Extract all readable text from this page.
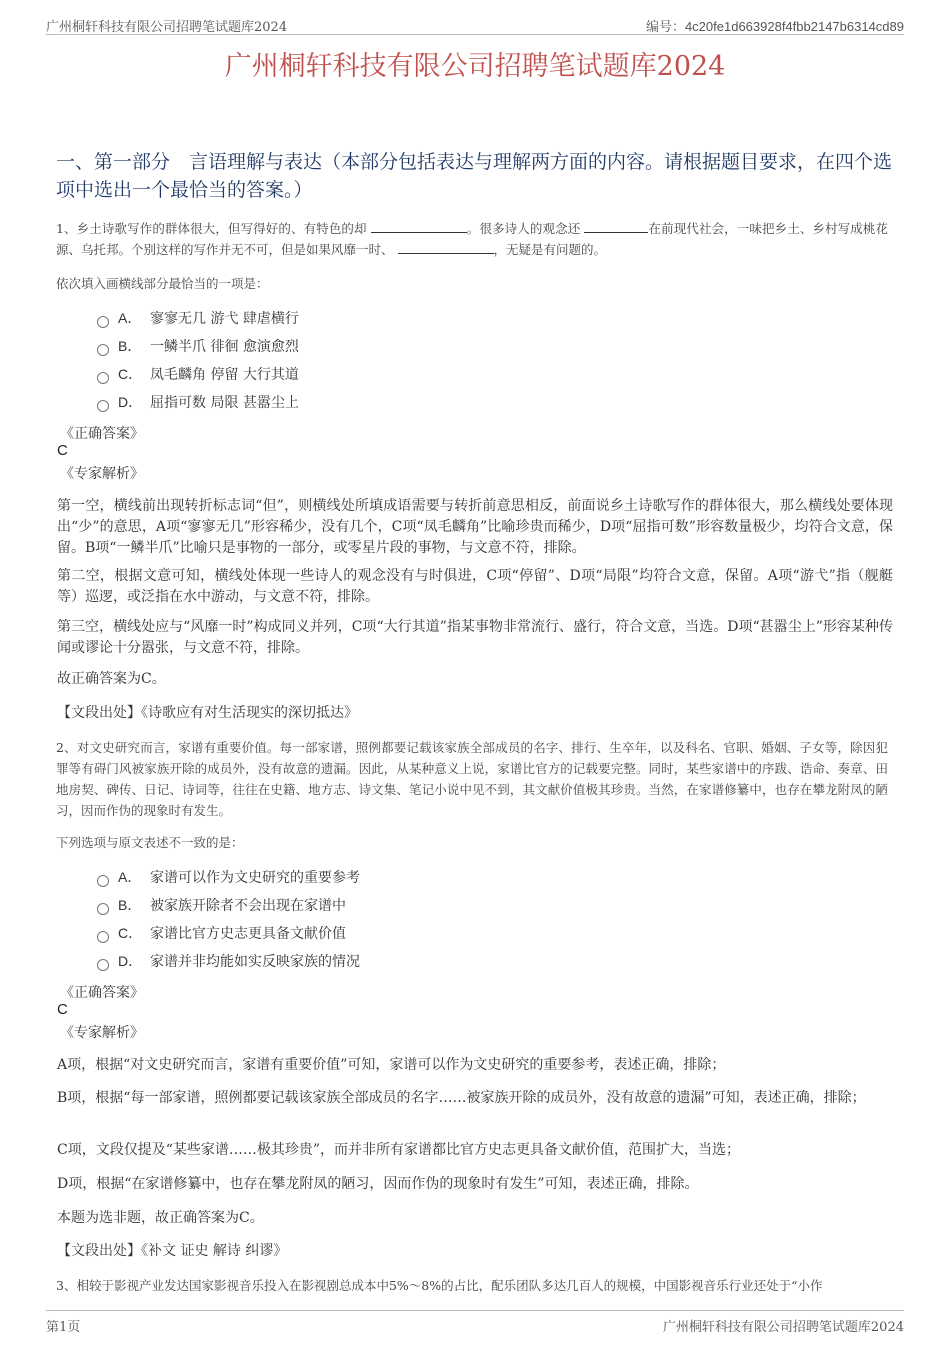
广州桐轩科技有限公司招聘笔试题库2024	编号：4c20fe1d663928f4fbb2147b6314cd89
广州桐轩科技有限公司招聘笔试题库2024
一、第一部分　言语理解与表达（本部分包括表达与理解两方面的内容。请根据题目要求，在四个选项中选出一个最恰当的答案。）
1、乡土诗歌写作的群体很大，但写得好的、有特色的却	。很多诗人的观念还	在前现代社会，一味把乡土、乡村写成桃花源、乌托邦。个别这样的写作并无不可，但是如果风靡一时、	，无疑是有问题的。
依次填入画横线部分最恰当的一项是：
A． 寥寥无几 游弋 肆虐横行
B． 一鳞半爪 徘徊 愈演愈烈
C． 凤毛麟角 停留 大行其道
D． 屈指可数 局限 甚嚣尘上
《正确答案》
C
《专家解析》
第一空，横线前出现转折标志词“但”，则横线处所填成语需要与转折前意思相反，前面说乡土诗歌写作的群体很大，那么横线处要体现出“少”的意思，A项“寥寥无几”形容稀少，没有几个，C项“凤毛麟角”比喻珍贵而稀少，D项“屈指可数”形容数量极少，均符合文意，保留。B项“一鳞半爪”比喻只是事物的一部分，或零星片段的事物，与文意不符，排除。
第二空，根据文意可知，横线处体现一些诗人的观念没有与时俱进，C项“停留”、D项“局限”均符合文意，保留。A项“游弋”指（舰艇等）巡逻，或泛指在水中游动，与文意不符，排除。
第三空，横线处应与“风靡一时”构成同义并列，C项“大行其道”指某事物非常流行、盛行，符合文意，当选。D项“甚嚣尘上”形容某种传闻或谬论十分嚣张，与文意不符，排除。
故正确答案为C。
【文段出处】《诗歌应有对生活现实的深切抵达》
2、对文史研究而言，家谱有重要价值。每一部家谱，照例都要记载该家族全部成员的名字、排行、生卒年，以及科名、官职、婚姻、子女等，除因犯罪等有碍门风被家族开除的成员外，没有故意的遗漏。因此，从某种意义上说，家谱比官方的记载要完整。同时，某些家谱中的序跋、诰命、奏章、田地房契、碑传、日记、诗词等，往往在史籍、地方志、诗文集、笔记小说中见不到，其文献价值极其珍贵。当然，在家谱修纂中，也存在攀龙附凤的陋习，因而作伪的现象时有发生。
下列选项与原文表述不一致的是：
A． 家谱可以作为文史研究的重要参考
B． 被家族开除者不会出现在家谱中
C． 家谱比官方史志更具备文献价值
D． 家谱并非均能如实反映家族的情况
《正确答案》
C
《专家解析》
A项，根据“对文史研究而言，家谱有重要价值”可知，家谱可以作为文史研究的重要参考，表述正确，排除；
B项，根据“每一部家谱，照例都要记载该家族全部成员的名字……被家族开除的成员外，没有故意的遗漏”可知，表述正确，排除；
C项，文段仅提及“某些家谱……极其珍贵”，而并非所有家谱都比官方史志更具备文献价值，范围扩大，当选；
D项，根据“在家谱修纂中，也存在攀龙附凤的陋习，因而作伪的现象时有发生”可知，表述正确，排除。
本题为选非题，故正确答案为C。
【文段出处】《补文 证史 解诗 纠谬》
3、相较于影视产业发达国家影视音乐投入在影视剧总成本中5%～8%的占比，配乐团队多达几百人的规模，中国影视音乐行业还处于“小作
第1页	广州桐轩科技有限公司招聘笔试题库2024
